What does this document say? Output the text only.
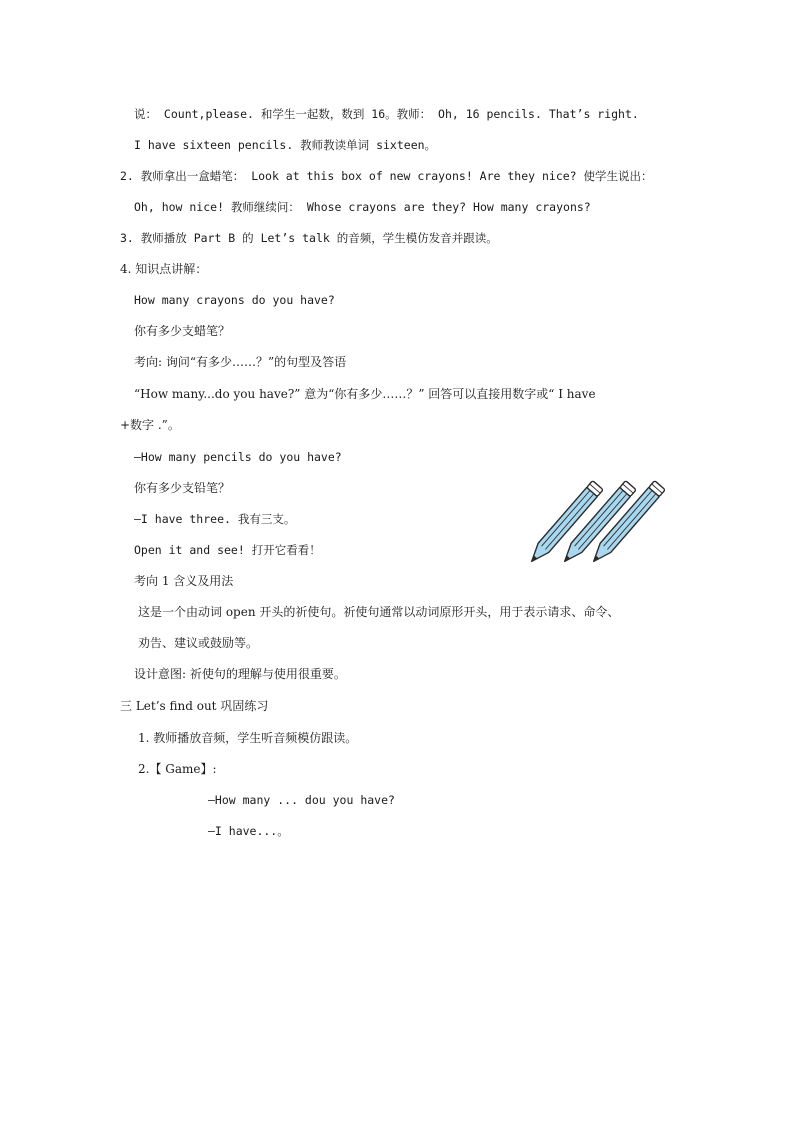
说： Count,please. 和学生一起数，数到 16。教师： Oh, 16 pencils. That’s right.
I have sixteen pencils. 教师教读单词 sixteen。
2. 教师拿出一盒蜡笔： Look at this box of new crayons! Are they nice? 使学生说出：
Oh, how nice! 教师继续问： Whose crayons are they? How many crayons?
3. 教师播放 Part B 的 Let’s talk 的音频，学生模仿发音并跟读。
4. 知识点讲解：
How many crayons do you have?
你有多少支蜡笔？
考向: 询问“有多少……？”的句型及答语
“How many...do you have?” 意为“你有多少……？” 回答可以直接用数字或“ I have
+数字 .”。
—How many pencils do you have?
你有多少支铅笔？
—I have three. 我有三支。
Open it and see! 打开它看看！
考向 1 含义及用法
这是一个由动词 open 开头的祈使句。祈使句通常以动词原形开头，用于表示请求、命令、
劝告、建议或鼓励等。
设计意图: 祈使句的理解与使用很重要。
三 Let’s find out 巩固练习
1. 教师播放音频，学生听音频模仿跟读。
2.【 Game】:
—How many ... dou you have?
—I have...。
